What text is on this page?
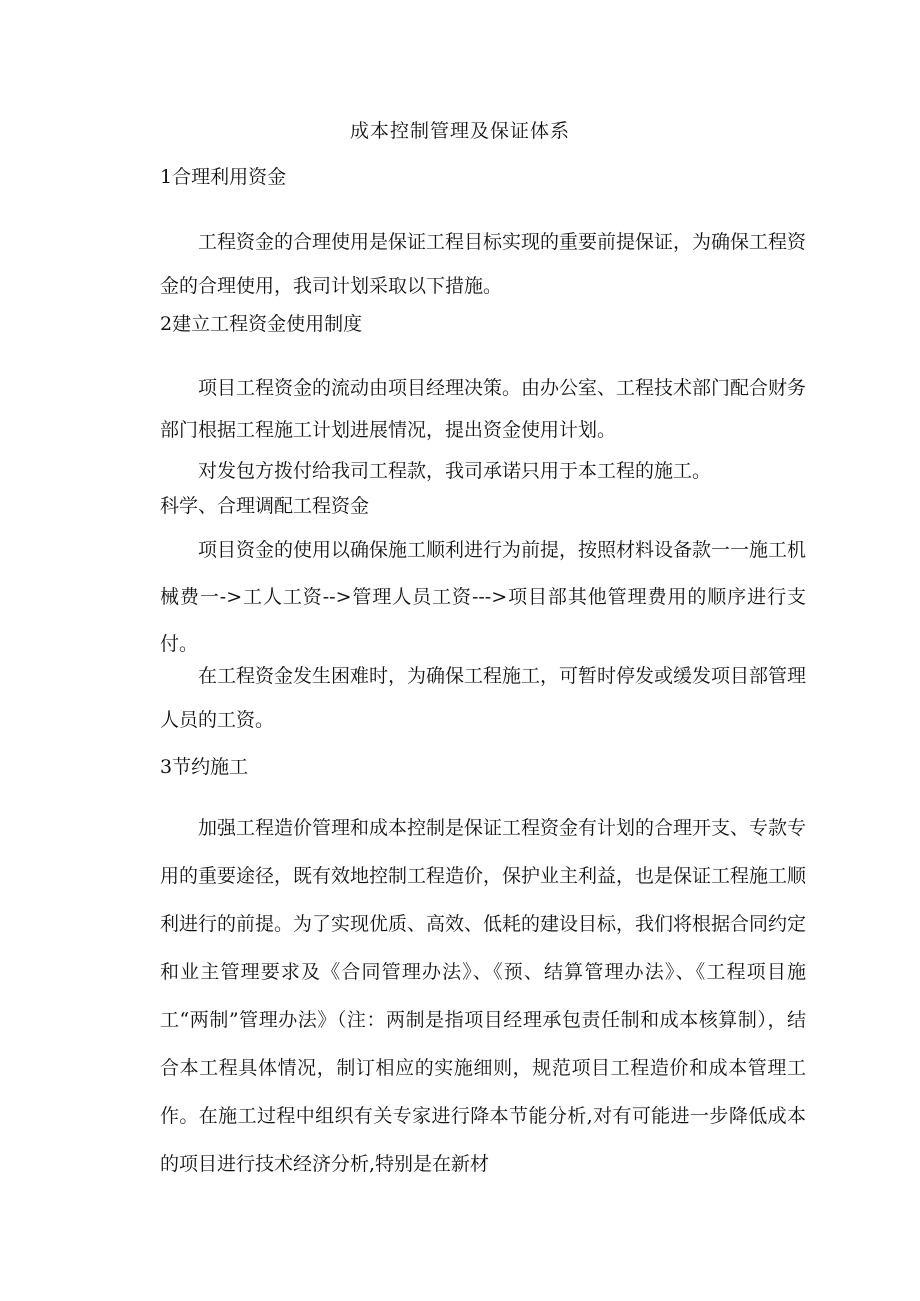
成本控制管理及保证体系
1合理利用资金

工程资金的合理使用是保证工程目标实现的重要前提保证，为确保工程资金的合理使用，我司计划采取以下措施。

2建立工程资金使用制度

项目工程资金的流动由项目经理决策。由办公室、工程技术部门配合财务部门根据工程施工计划进展情况，提出资金使用计划。

对发包方拨付给我司工程款，我司承诺只用于本工程的施工。

科学、合理调配工程资金

项目资金的使用以确保施工顺利进行为前提，按照材料设备款一一施工机械费一->工人工资-->管理人员工资--->项目部其他管理费用的顺序进行支付。

在工程资金发生困难时，为确保工程施工，可暂时停发或缓发项目部管理人员的工资。

3节约施工

加强工程造价管理和成本控制是保证工程资金有计划的合理开支、专款专用的重要途径，既有效地控制工程造价，保护业主利益，也是保证工程施工顺利进行的前提。为了实现优质、高效、低耗的建设目标，我们将根据合同约定和业主管理要求及《合同管理办法》、《预、结算管理办法》、《工程项目施工“两制”管理办法》（注：两制是指项目经理承包责任制和成本核算制），结合本工程具体情况，制订相应的实施细则，规范项目工程造价和成本管理工作。在施工过程中组织有关专家进行降本节能分析,对有可能进一步降低成本的项目进行技术经济分析,特别是在新材
